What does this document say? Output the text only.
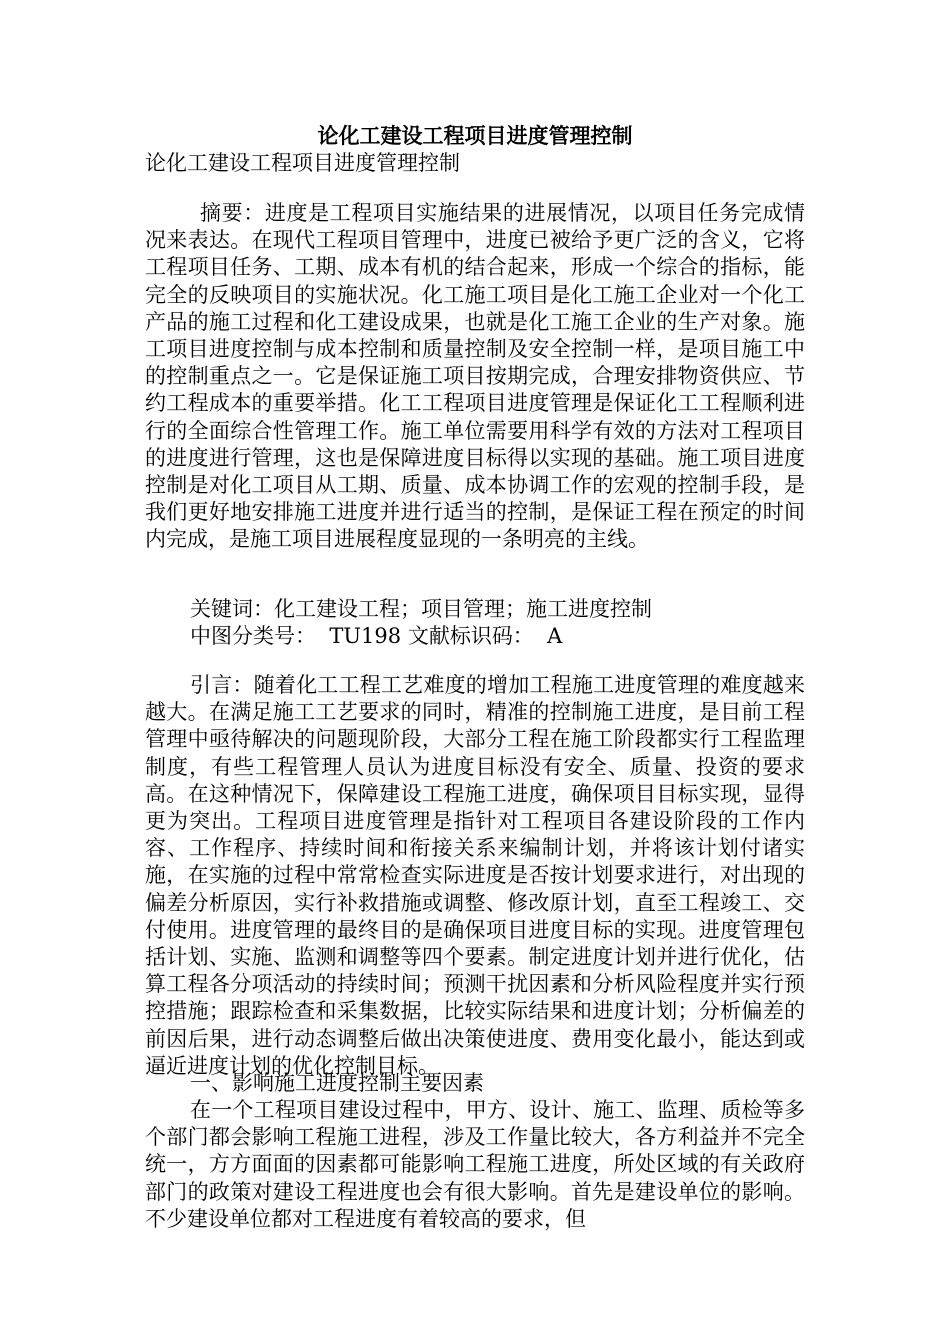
论化工建设工程项目进度管理控制
论化工建设工程项目进度管理控制

摘要：进度是工程项目实施结果的进展情况，以项目任务完成情况来表达。在现代工程项目管理中，进度已被给予更广泛的含义，它将工程项目任务、工期、成本有机的结合起来，形成一个综合的指标，能完全的反映项目的实施状况。化工施工项目是化工施工企业对一个化工产品的施工过程和化工建设成果，也就是化工施工企业的生产对象。施工项目进度控制与成本控制和质量控制及安全控制一样，是项目施工中的控制重点之一。它是保证施工项目按期完成，合理安排物资供应、节约工程成本的重要举措。化工工程项目进度管理是保证化工工程顺利进行的全面综合性管理工作。施工单位需要用科学有效的方法对工程项目的进度进行管理，这也是保障进度目标得以实现的基础。施工项目进度控制是对化工项目从工期、质量、成本协调工作的宏观的控制手段，是我们更好地安排施工进度并进行适当的控制，是保证工程在预定的时间内完成，是施工项目进展程度显现的一条明亮的主线。

关键词：化工建设工程；项目管理；施工进度控制

中图分类号：  TU198 文献标识码：  A

引言：随着化工工程工艺难度的增加工程施工进度管理的难度越来越大。在满足施工工艺要求的同时，精准的控制施工进度，是目前工程管理中亟待解决的问题现阶段，大部分工程在施工阶段都实行工程监理制度，有些工程管理人员认为进度目标没有安全、质量、投资的要求高。在这种情况下，保障建设工程施工进度，确保项目目标实现，显得更为突出。工程项目进度管理是指针对工程项目各建设阶段的工作内容、工作程序、持续时间和衔接关系来编制计划，并将该计划付诸实施，在实施的过程中常常检查实际进度是否按计划要求进行，对出现的偏差分析原因，实行补救措施或调整、修改原计划，直至工程竣工、交付使用。进度管理的最终目的是确保项目进度目标的实现。进度管理包括计划、实施、监测和调整等四个要素。制定进度计划并进行优化，估算工程各分项活动的持续时间；预测干扰因素和分析风险程度并实行预控措施；跟踪检查和采集数据，比较实际结果和进度计划；分析偏差的前因后果，进行动态调整后做出决策使进度、费用变化最小，能达到或逼近进度计划的优化控制目标。

一、影响施工进度控制主要因素

在一个工程项目建设过程中，甲方、设计、施工、监理、质检等多个部门都会影响工程施工进程，涉及工作量比较大，各方利益并不完全统一，方方面面的因素都可能影响工程施工进度，所处区域的有关政府部门的政策对建设工程进度也会有很大影响。首先是建设单位的影响。不少建设单位都对工程进度有着较高的要求，但
